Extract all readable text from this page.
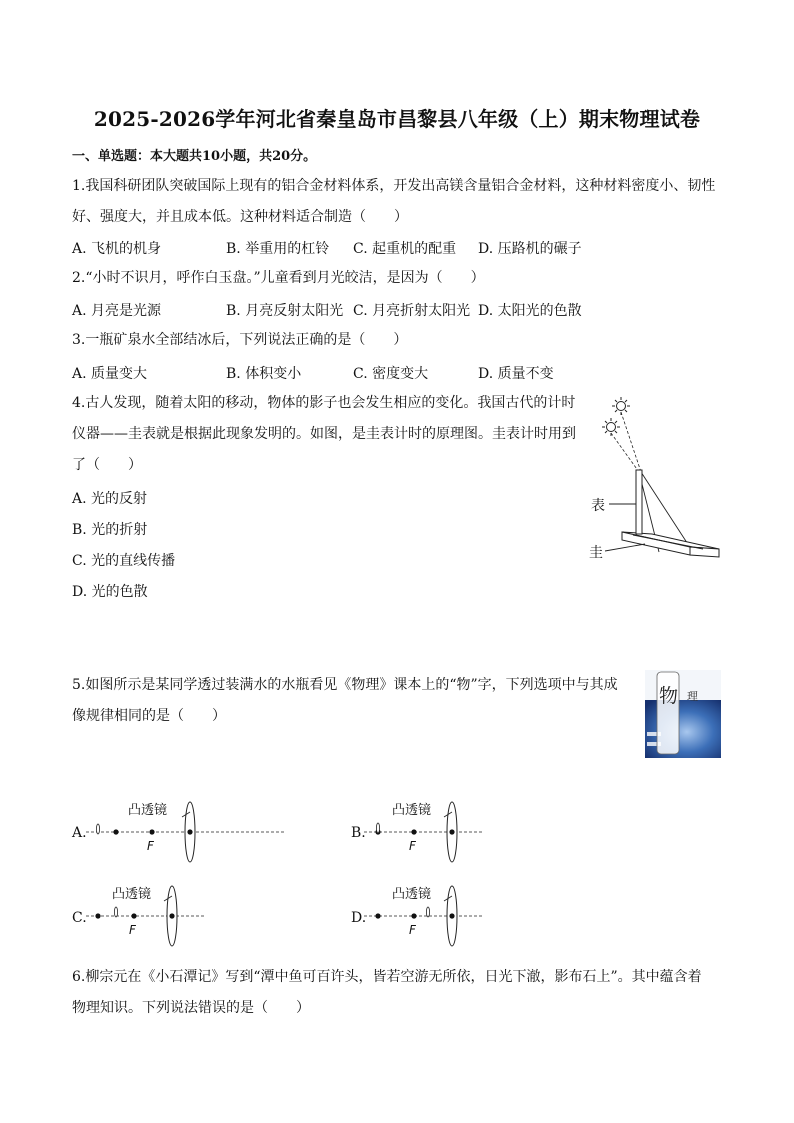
2025-2026学年河北省秦皇岛市昌黎县八年级（上）期末物理试卷
一、单选题：本大题共10小题，共20分。
1.我国科研团队突破国际上现有的铝合金材料体系，开发出高镁含量铝合金材料，这种材料密度小、韧性
好、强度大，并且成本低。这种材料适合制造（　　）
A. 飞机的机身	B. 举重用的杠铃 C. 起重机的配重 D. 压路机的碾子
2.“小时不识月，呼作白玉盘。”儿童看到月光皎洁，是因为（　　）
A. 月亮是光源	B. 月亮反射太阳光 C. 月亮折射太阳光 D. 太阳光的色散
3.一瓶矿泉水全部结冰后，下列说法正确的是（　　）
A. 质量变大	B. 体积变小	C. 密度变大	D. 质量不变
4.古人发现，随着太阳的移动，物体的影子也会发生相应的变化。我国古代的计时
仪器——圭表就是根据此现象发明的。如图，是圭表计时的原理图。圭表计时用到
了（　　）
A. 光的反射
B. 光的折射
C. 光的直线传播
D. 光的色散
表
圭
5.如图所示是某同学透过装满水的水瓶看见《物理》课本上的“物”字，下列选项中与其成
像规律相同的是（　　）
物 理
A.
凸透镜
F
B.
凸透镜
F
C.
凸透镜
F
D.
凸透镜
F
6.柳宗元在《小石潭记》写到“潭中鱼可百许头，皆若空游无所依，日光下澈，影布石上”。其中蕴含着
物理知识。下列说法错误的是（　　）
